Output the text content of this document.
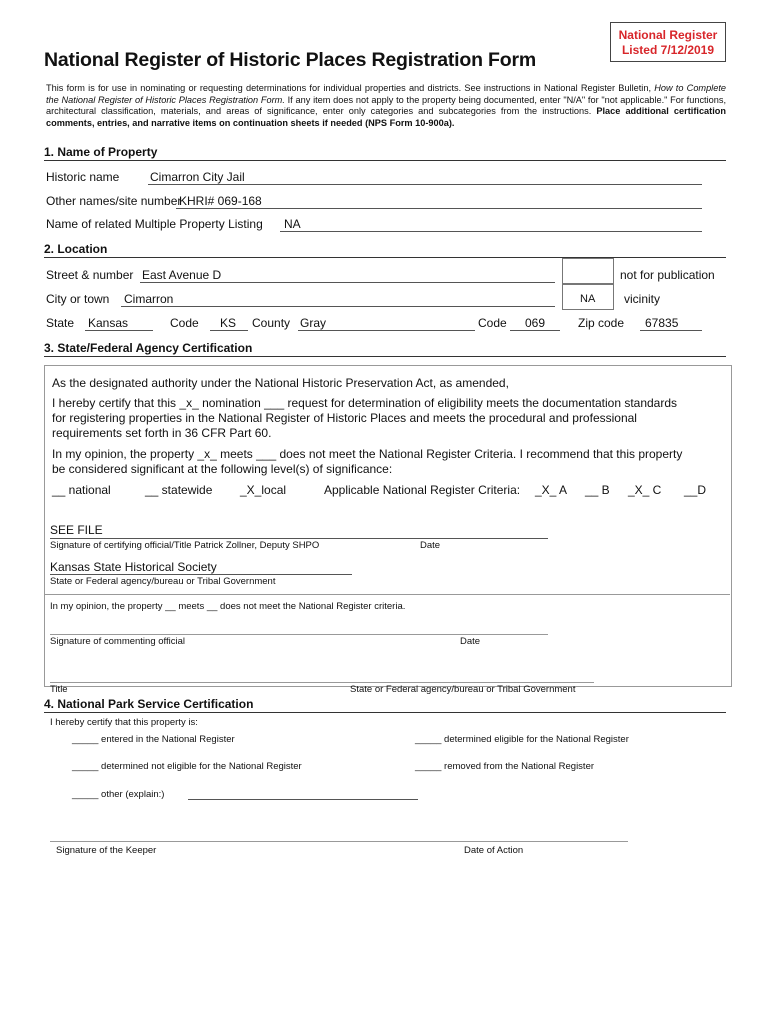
National Register
Listed 7/12/2019
National Register of Historic Places Registration Form
This form is for use in nominating or requesting determinations for individual properties and districts. See instructions in National Register Bulletin, How to Complete the National Register of Historic Places Registration Form. If any item does not apply to the property being documented, enter "N/A" for "not applicable." For functions, architectural classification, materials, and areas of significance, enter only categories and subcategories from the instructions. Place additional certification comments, entries, and narrative items on continuation sheets if needed (NPS Form 10-900a).
1. Name of Property
Historic name	Cimarron City Jail
Other names/site number
KHRI# 069-168
Name of related Multiple Property Listing NA
2. Location
Street & number East Avenue D	not for publication
City or town Cimarron	NA vicinity
State Kansas	Code KS County Gray	Code 069	Zip code 67835
3. State/Federal Agency Certification
As the designated authority under the National Historic Preservation Act, as amended,
I hereby certify that this _x_ nomination ___ request for determination of eligibility meets the documentation standards
for registering properties in the National Register of Historic Places and meets the procedural and professional
requirements set forth in 36 CFR Part 60.
In my opinion, the property _x_ meets ___ does not meet the National Register Criteria. I recommend that this property
be considered significant at the following level(s) of significance:
__ national	__ statewide _X_local	Applicable National Register Criteria: _X_ A __ B _X_ C __D
SEE FILE
Signature of certifying official/Title Patrick Zollner, Deputy SHPO	Date
Kansas State Historical Society
State or Federal agency/bureau or Tribal Government
In my opinion, the property __ meets __ does not meet the National Register criteria.
Signature of commenting official	Date
Title	State or Federal agency/bureau or Tribal Government
4. National Park Service Certification
I hereby certify that this property is:
_____ entered in the National Register	_____ determined eligible for the National Register
_____ determined not eligible for the National Register	_____ removed from the National Register
_____ other (explain:)
Signature of the Keeper	Date of Action
